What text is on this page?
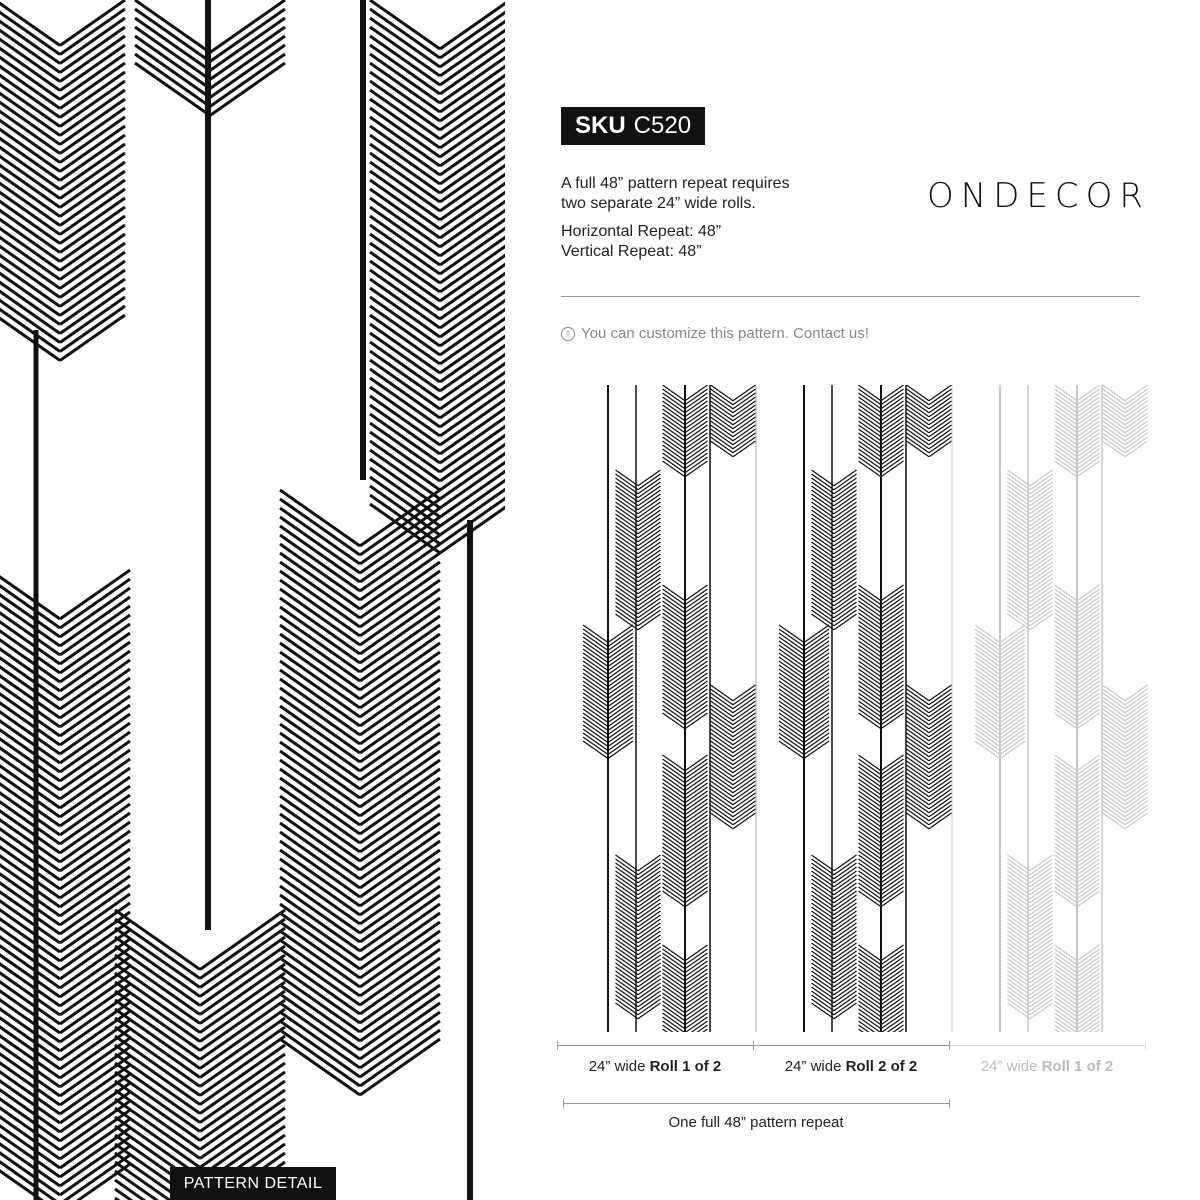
PATTERN DETAIL
SKU C520
A full 48” pattern repeat requires
two separate 24” wide rolls.
Horizontal Repeat: 48”
Vertical Repeat: 48”
ONDECOR
! You can customize this pattern. Contact us!
24” wide Roll 1 of 2	24” wide Roll 2 of 2	24” wide Roll 1 of 2
One full 48” pattern repeat
